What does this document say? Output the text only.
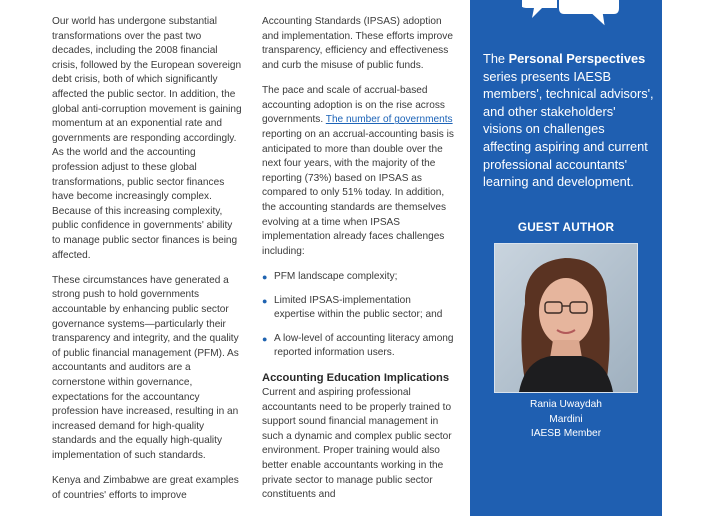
Our world has undergone substantial transformations over the past two decades, including the 2008 financial crisis, followed by the European sovereign debt crisis, both of which significantly affected the public sector. In addition, the global anti-corruption movement is gaining momentum at an exponential rate and governments are responding accordingly. As the world and the accounting profession adjust to these global transformations, public sector finances have become increasingly complex. Because of this increasing complexity, public confidence in governments' ability to manage public sector finances is being affected.

These circumstances have generated a strong push to hold governments accountable by enhancing public sector governance systems—particularly their transparency and integrity, and the quality of public financial management (PFM). As accountants and auditors are a cornerstone within governance, expectations for the accountancy profession have increased, resulting in an increased demand for high-quality standards and the equally high-quality implementation of such standards.

Kenya and Zimbabwe are great examples of countries' efforts to improve

Accounting Standards (IPSAS) adoption and implementation. These efforts improve transparency, efficiency and effectiveness and curb the misuse of public funds.

The pace and scale of accrual-based accounting adoption is on the rise across governments. The number of governments reporting on an accrual-accounting basis is anticipated to more than double over the next four years, with the majority of the reporting (73%) based on IPSAS as compared to only 51% today. In addition, the accounting standards are themselves evolving at a time when IPSAS implementation already faces challenges including:

● PFM landscape complexity;
● Limited IPSAS-implementation expertise within the public sector; and
● A low-level of accounting literacy among reported information users.
Accounting Education Implications

Current and aspiring professional accountants need to be properly trained to support sound financial management in such a dynamic and complex public sector environment. Proper training would also better enable accountants working in the private sector to manage public sector constituents and

The Personal Perspectives series presents IAESB members', technical advisors', and other stakeholders' visions on challenges affecting aspiring and current professional accountants' learning and development.
GUEST AUTHOR
Rania Uwaydah
Mardini
IAESB Member
